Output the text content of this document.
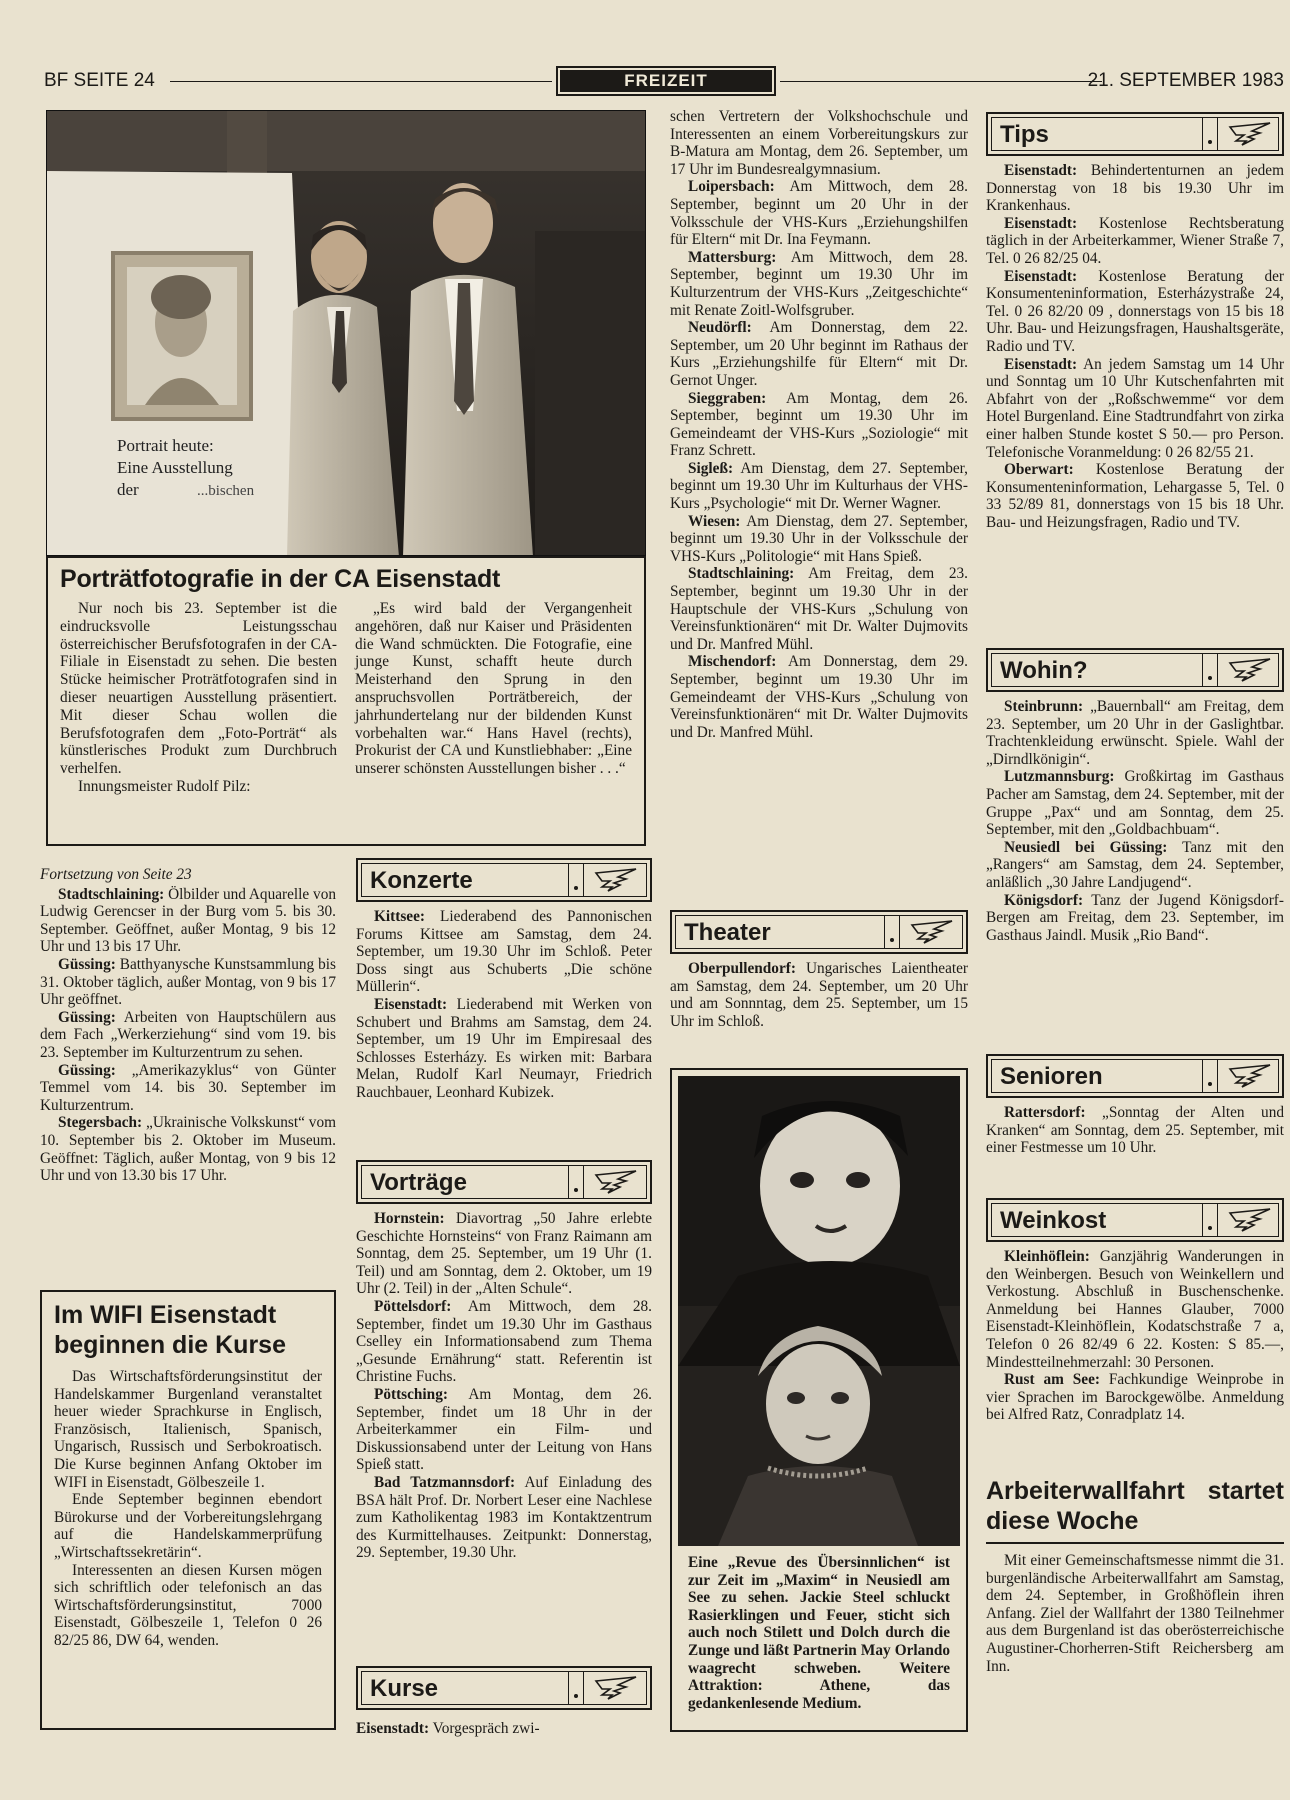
BF SEITE 24	FREIZEIT	21. SEPTEMBER 1983
Portrait heute:
Eine Ausstellung
der	...bischen
Porträtfotografie in der CA Eisenstadt

Nur noch bis 23. September ist die eindrucksvolle Leistungsschau österreichischer Berufsfotografen in der CA-Filiale in Eisenstadt zu sehen. Die besten Stücke heimischer Proträtfotografen sind in dieser neuartigen Ausstellung präsentiert. Mit dieser Schau wollen die Berufsfotografen dem „Foto-Porträt“ als künstlerisches Produkt zum Durchbruch verhelfen.

Innungsmeister Rudolf Pilz:

„Es wird bald der Vergangenheit angehören, daß nur Kaiser und Präsidenten die Wand schmückten. Die Fotografie, eine junge Kunst, schafft heute durch Meisterhand den Sprung in den anspruchsvollen Porträtbereich, der jahrhundertelang nur der bildenden Kunst vorbehalten war.“ Hans Havel (rechts), Prokurist der CA und Kunstliebhaber: „Eine unserer schönsten Ausstellungen bisher . . .“

Fortsetzung von Seite 23

Stadtschlaining: Ölbilder und Aquarelle von Ludwig Gerencser in der Burg vom 5. bis 30. September. Geöffnet, außer Montag, 9 bis 12 Uhr und 13 bis 17 Uhr.

Güssing: Batthyanysche Kunstsammlung bis 31. Oktober täglich, außer Montag, von 9 bis 17 Uhr geöffnet.

Güssing: Arbeiten von Hauptschülern aus dem Fach „Werkerziehung“ sind vom 19. bis 23. September im Kulturzentrum zu sehen.

Güssing: „Amerikazyklus“ von Günter Temmel vom 14. bis 30. September im Kulturzentrum.

Stegersbach: „Ukrainische Volkskunst“ vom 10. September bis 2. Oktober im Museum. Geöffnet: Täglich, außer Montag, von 9 bis 12 Uhr und von 13.30 bis 17 Uhr.

Im WIFI Eisenstadt beginnen die Kurse

Das Wirtschaftsförderungsinstitut der Handelskammer Burgenland veranstaltet heuer wieder Sprachkurse in Englisch, Französisch, Italienisch, Spanisch, Ungarisch, Russisch und Serbokroatisch. Die Kurse beginnen Anfang Oktober im WIFI in Eisenstadt, Gölbeszeile 1.

Ende September beginnen ebendort Bürokurse und der Vorbereitungslehrgang auf die Handelskammerprüfung „Wirtschaftssekretärin“.

Interessenten an diesen Kursen mögen sich schriftlich oder telefonisch an das Wirtschaftsförderungsinstitut, 7000 Eisenstadt, Gölbeszeile 1, Telefon 0 26 82/25 86, DW 64, wenden.

Konzerte

Kittsee: Liederabend des Pannonischen Forums Kittsee am Samstag, dem 24. September, um 19.30 Uhr im Schloß. Peter Doss singt aus Schuberts „Die schöne Müllerin“.

Eisenstadt: Liederabend mit Werken von Schubert und Brahms am Samstag, dem 24. September, um 19 Uhr im Empiresaal des Schlosses Esterházy. Es wirken mit: Barbara Melan, Rudolf Karl Neumayr, Friedrich Rauchbauer, Leonhard Kubizek.

Vorträge

Hornstein: Diavortrag „50 Jahre erlebte Geschichte Hornsteins“ von Franz Raimann am Sonntag, dem 25. September, um 19 Uhr (1. Teil) und am Sonntag, dem 2. Oktober, um 19 Uhr (2. Teil) in der „Alten Schule“.

Pöttelsdorf: Am Mittwoch, dem 28. September, findet um 19.30 Uhr im Gasthaus Cselley ein Informationsabend zum Thema „Gesunde Ernährung“ statt. Referentin ist Christine Fuchs.

Pöttsching: Am Montag, dem 26. September, findet um 18 Uhr in der Arbeiterkammer ein Film- und Diskussionsabend unter der Leitung von Hans Spieß statt.

Bad Tatzmannsdorf: Auf Einladung des BSA hält Prof. Dr. Norbert Leser eine Nachlese zum Katholikentag 1983 im Kontaktzentrum des Kurmittelhauses. Zeitpunkt: Donnerstag, 29. September, 19.30 Uhr.

Kurse

Eisenstadt: Vorgespräch zwi-

schen Vertretern der Volkshochschule und Interessenten an einem Vorbereitungskurs zur B-Matura am Montag, dem 26. September, um 17 Uhr im Bundesrealgymnasium.

Loipersbach: Am Mittwoch, dem 28. September, beginnt um 20 Uhr in der Volksschule der VHS-Kurs „Erziehungshilfen für Eltern“ mit Dr. Ina Feymann.

Mattersburg: Am Mittwoch, dem 28. September, beginnt um 19.30 Uhr im Kulturzentrum der VHS-Kurs „Zeitgeschichte“ mit Renate Zoitl-Wolfsgruber.

Neudörfl: Am Donnerstag, dem 22. September, um 20 Uhr beginnt im Rathaus der Kurs „Erziehungshilfe für Eltern“ mit Dr. Gernot Unger.

Sieggraben: Am Montag, dem 26. September, beginnt um 19.30 Uhr im Gemeindeamt der VHS-Kurs „Soziologie“ mit Franz Schrett.

Sigleß: Am Dienstag, dem 27. September, beginnt um 19.30 Uhr im Kulturhaus der VHS-Kurs „Psychologie“ mit Dr. Werner Wagner.

Wiesen: Am Dienstag, dem 27. September, beginnt um 19.30 Uhr in der Volksschule der VHS-Kurs „Politologie“ mit Hans Spieß.

Stadtschlaining: Am Freitag, dem 23. September, beginnt um 19.30 Uhr in der Hauptschule der VHS-Kurs „Schulung von Vereinsfunktionären“ mit Dr. Walter Dujmovits und Dr. Manfred Mühl.

Mischendorf: Am Donnerstag, dem 29. September, beginnt um 19.30 Uhr im Gemeindeamt der VHS-Kurs „Schulung von Vereinsfunktionären“ mit Dr. Walter Dujmovits und Dr. Manfred Mühl.

Theater

Oberpullendorf: Ungarisches Laientheater am Samstag, dem 24. September, um 20 Uhr und am Sonnntag, dem 25. September, um 15 Uhr im Schloß.

Eine „Revue des Übersinnlichen“ ist zur Zeit im „Maxim“ in Neusiedl am See zu sehen. Jackie Steel schluckt Rasierklingen und Feuer, sticht sich auch noch Stilett und Dolch durch die Zunge und läßt Partnerin May Orlando waagrecht schweben. Weitere Attraktion: Athene, das gedankenlesende Medium.
Tips

Eisenstadt: Behindertenturnen an jedem Donnerstag von 18 bis 19.30 Uhr im Krankenhaus.

Eisenstadt: Kostenlose Rechtsberatung täglich in der Arbeiterkammer, Wiener Straße 7, Tel. 0 26 82/25 04.

Eisenstadt: Kostenlose Beratung der Konsumenteninformation, Esterházystraße 24, Tel. 0 26 82/20 09 , donnerstags von 15 bis 18 Uhr. Bau- und Heizungsfragen, Haushaltsgeräte, Radio und TV.

Eisenstadt: An jedem Samstag um 14 Uhr und Sonntag um 10 Uhr Kutschenfahrten mit Abfahrt von der „Roßschwemme“ vor dem Hotel Burgenland. Eine Stadtrundfahrt von zirka einer halben Stunde kostet S 50.— pro Person. Telefonische Voranmeldung: 0 26 82/55 21.

Oberwart: Kostenlose Beratung der Konsumenteninformation, Lehargasse 5, Tel. 0 33 52/89 81, donnerstags von 15 bis 18 Uhr. Bau- und Heizungsfragen, Radio und TV.

Wohin?

Steinbrunn: „Bauernball“ am Freitag, dem 23. September, um 20 Uhr in der Gaslightbar. Trachtenkleidung erwünscht. Spiele. Wahl der „Dirndlkönigin“.

Lutzmannsburg: Großkirtag im Gasthaus Pacher am Samstag, dem 24. September, mit der Gruppe „Pax“ und am Sonntag, dem 25. September, mit den „Goldbachbuam“.

Neusiedl bei Güssing: Tanz mit den „Rangers“ am Samstag, dem 24. September, anläßlich „30 Jahre Landjugend“.

Königsdorf: Tanz der Jugend Königsdorf-Bergen am Freitag, dem 23. September, im Gasthaus Jaindl. Musik „Rio Band“.

Senioren

Rattersdorf: „Sonntag der Alten und Kranken“ am Sonntag, dem 25. September, mit einer Festmesse um 10 Uhr.

Weinkost

Kleinhöflein: Ganzjährig Wanderungen in den Weinbergen. Besuch von Weinkellern und Verkostung. Abschluß in Buschenschenke. Anmeldung bei Hannes Glauber, 7000 Eisenstadt-Kleinhöflein, Kodatschstraße 7 a, Telefon 0 26 82/49 6 22. Kosten: S 85.—, Mindestteilnehmerzahl: 30 Personen.

Rust am See: Fachkundige Weinprobe in vier Sprachen im Barockgewölbe. Anmeldung bei Alfred Ratz, Conradplatz 14.

Arbeiterwallfahrt startet diese Woche

Mit einer Gemeinschaftsmesse nimmt die 31. burgenländische Arbeiterwallfahrt am Samstag, dem 24. September, in Großhöflein ihren Anfang. Ziel der Wallfahrt der 1380 Teilnehmer aus dem Burgenland ist das oberösterreichische Augustiner-Chorherren-Stift Reichersberg am Inn.
